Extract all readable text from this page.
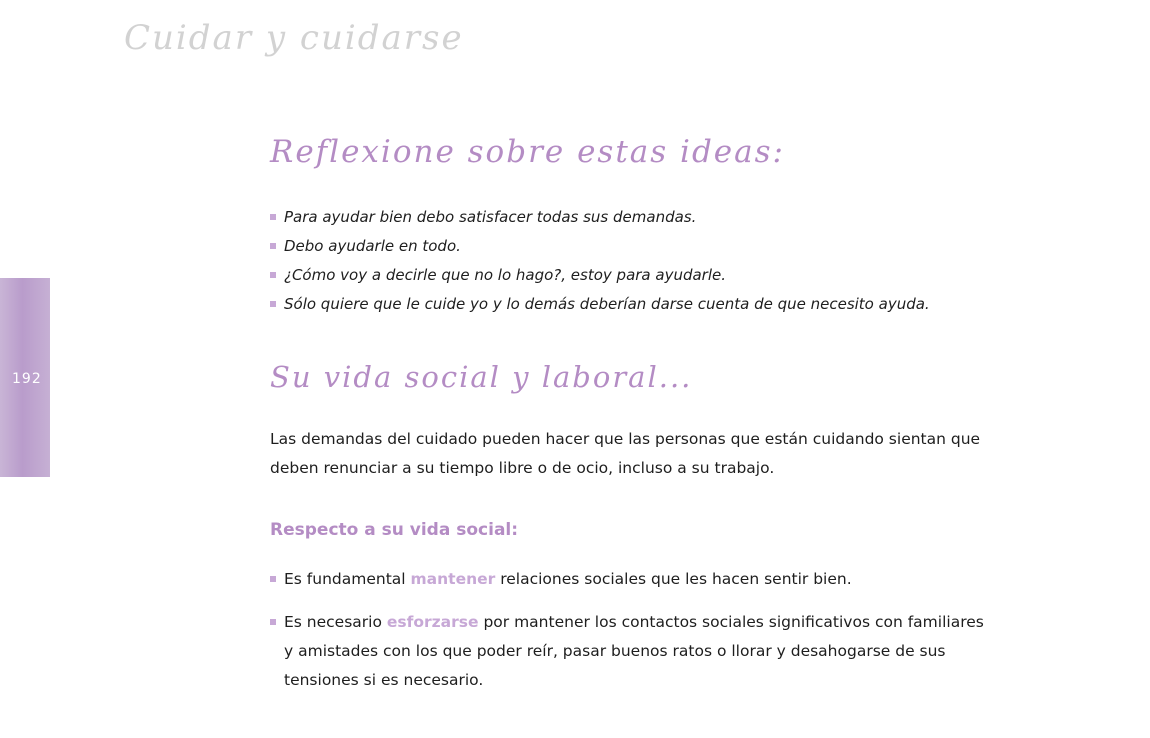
Cuidar y cuidarse
192
Reflexione sobre estas ideas:
Para ayudar bien debo satisfacer todas sus demandas.
Debo ayudarle en todo.
¿Cómo voy a decirle que no lo hago?, estoy para ayudarle.
Sólo quiere que le cuide yo y lo demás deberían darse cuenta de que necesito ayuda.
Su vida social y laboral...

Las demandas del cuidado pueden hacer que las personas que están cuidando sientan que deben renunciar a su tiempo libre o de ocio, incluso a su trabajo.

Respecto a su vida social:
Es fundamental mantener relaciones sociales que les hacen sentir bien.
Es necesario esforzarse por mantener los contactos sociales significativos con familiares y amistades con los que poder reír, pasar buenos ratos o llorar y desahogarse de sus tensiones si es necesario.
